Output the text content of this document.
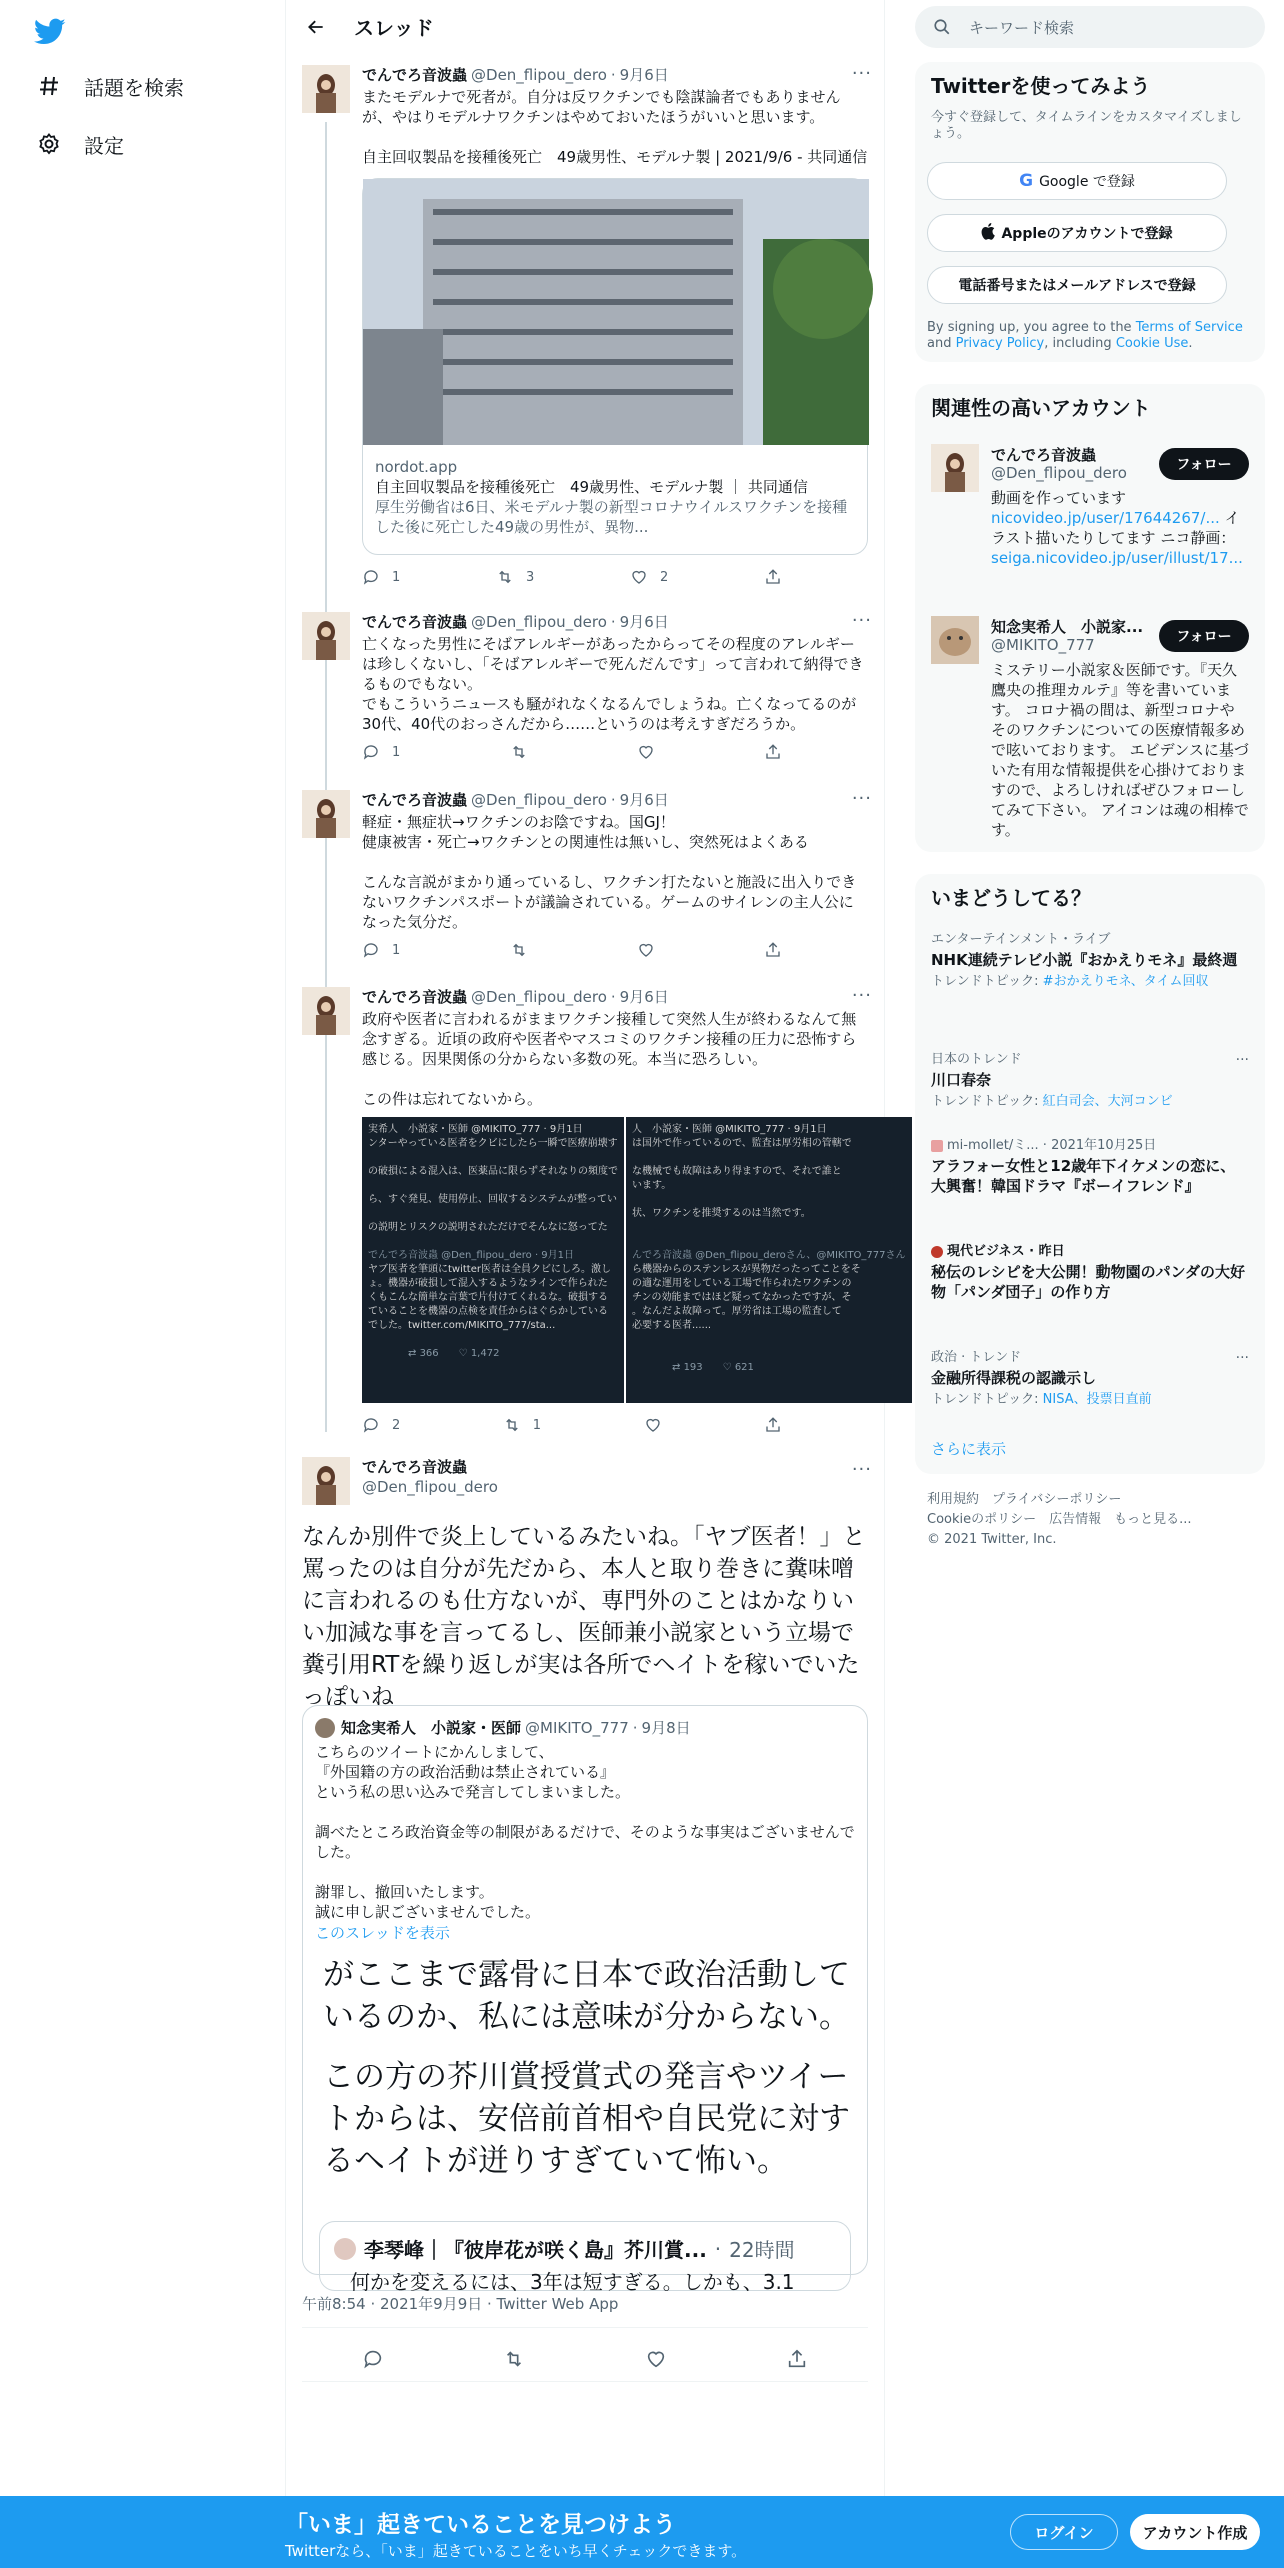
話題を検索
設定
スレッド
でんでろ音波蟲 @Den_flipou_dero · 9月6日
またモデルナで死者が。自分は反ワクチンでも陰謀論者でもありませんが、やはりモデルナワクチンはやめておいたほうがいいと思います。

自主回収製品を接種後死亡　49歳男性、モデルナ製 | 2021/9/6 - 共同通信
···
nordot.app
自主回収製品を接種後死亡　49歳男性、モデルナ製 ｜ 共同通信
厚生労働省は6日、米モデルナ製の新型コロナウイルスワクチンを接種した後に死亡した49歳の男性が、異物...
1	3	2
でんでろ音波蟲 @Den_flipou_dero · 9月6日
亡くなった男性にそばアレルギーがあったからってその程度のアレルギーは珍しくないし、「そばアレルギーで死んだんです」って言われて納得できるものでもない。
でもこういうニュースも騒がれなくなるんでしょうね。亡くなってるのが30代、40代のおっさんだから……というのは考えすぎだろうか。
···
1
でんでろ音波蟲 @Den_flipou_dero · 9月6日
軽症・無症状→ワクチンのお陰ですね。国GJ！
健康被害・死亡→ワクチンとの関連性は無いし、突然死はよくある

こんな言説がまかり通っているし、ワクチン打たないと施設に出入りできないワクチンパスポートが議論されている。ゲームのサイレンの主人公になった気分だ。
···
1
でんでろ音波蟲 @Den_flipou_dero · 9月6日
政府や医者に言われるがままワクチン接種して突然人生が終わるなんて無念すぎる。近頃の政府や医者やマスコミのワクチン接種の圧力に恐怖すら感じる。因果関係の分からない多数の死。本当に恐ろしい。

この件は忘れてないから。
···

実希人　小説家・医師 @MIKITO_777 · 9月1日

ンターやっている医者をクビにしたら一瞬で医療崩壊す

の破損による混入は、医薬品に限らずそれなりの頻度で

ら、すぐ発見、使用停止、回収するシステムが整ってい

の説明とリスクの説明されただけでそんなに怒ってた

でんでろ音波蟲 @Den_flipou_dero · 9月1日

ヤブ医者を筆頭にtwitter医者は全員クビにしろ。激し

ょ。機器が破損して混入するようなラインで作られた

くもこんな簡単な言葉で片付けてくれるな。破損する

ていることを機器の点検を責任からはぐらかしている

でした。twitter.com/MIKITO_777/sta...

　　　　⇄ 366　　♡ 1,472

人　小説家・医師 @MIKITO_777 · 9月1日

は国外で作っているので、監査は厚労相の管轄で

な機械でも故障はあり得ますので、それで誰と

います。

状、ワクチンを推奨するのは当然です。

んでろ音波蟲 @Den_flipou_deroさん、@MIKITO_777さん

ら機器からのステンレスが異物だったってことをそ

の適な運用をしている工場で作られたワクチンの

チンの効能まではほど疑ってなかったですが、そ

。なんだよ故障って。厚労省は工場の監査して

必要する医者......

　　　　⇄ 193　　♡ 621

2	1
でんでろ音波蟲
@Den_flipou_dero
···
なんか別件で炎上しているみたいね。「ヤブ医者！」と罵ったのは自分が先だから、本人と取り巻きに糞味噌に言われるのも仕方ないが、専門外のことはかなりいい加減な事を言ってるし、医師兼小説家という立場で糞引用RTを繰り返しが実は各所でヘイトを稼いでいたっぽいね
知念実希人　小説家・医師 @MIKITO_777 · 9月8日
こちらのツイートにかんしまして、
『外国籍の方の政治活動は禁止されている』
という私の思い込みで発言してしまいました。

調べたところ政治資金等の制限があるだけで、そのような事実はございませんでした。

謝罪し、撤回いたします。
誠に申し訳ございませんでした。
このスレッドを表示
がここまで露骨に日本で政治活動しているのか、私には意味が分からない。
この方の芥川賞授賞式の発言やツイートからは、安倍前首相や自民党に対するヘイトが迸りすぎていて怖い。
李琴峰｜『彼岸花が咲く島』芥川賞... · 22時間
何かを変えるには、3年は短すぎる。しかも、3.1
午前8:54 · 2021年9月9日 · Twitter Web App
キーワード検索
Twitterを使ってみよう
今すぐ登録して、タイムラインをカスタマイズしましょう。
G Google で登録
Appleのアカウントで登録
電話番号またはメールアドレスで登録
By signing up, you agree to the Terms of Service and Privacy Policy, including Cookie Use.
関連性の高いアカウント
でんでろ音波蟲
@Den_flipou_dero
動画を作っています
nicovideo.jp/user/17644267/... イラスト描いたりしてます ニコ静画：seiga.nicovideo.jp/user/illust/17...
フォロー
知念実希人　小説家...
@MIKITO_777
ミステリー小説家＆医師です。『天久鷹央の推理カルテ』等を書いています。 コロナ禍の間は、新型コロナやそのワクチンについての医療情報多めで呟いております。 エビデンスに基づいた有用な情報提供を心掛けておりますので、よろしければぜひフォローしてみて下さい。 アイコンは魂の相棒です。
フォロー
いまどうしてる？
エンターテインメント・ライブ
NHK連続テレビ小説『おかえりモネ』最終週
トレンドトピック: #おかえりモネ、タイム回収
日本のトレンド
川口春奈
トレンドトピック: 紅白司会、大河コンビ
···
mi-mollet/ミ... · 2021年10月25日
アラフォー女性と12歳年下イケメンの恋に、大興奮！韓国ドラマ『ボーイフレンド』
現代ビジネス · 昨日
秘伝のレシピを大公開！動物園のパンダの大好物「パンダ団子」の作り方
政治 · トレンド
金融所得課税の認識示し
トレンドトピック: NISA、投票日直前
···
さらに表示
利用規約　プライバシーポリシー　
Cookieのポリシー　広告情報　もっと見る...
© 2021 Twitter, Inc.
「いま」起きていることを見つけよう
Twitterなら、「いま」起きていることをいち早くチェックできます。
ログイン	アカウント作成
